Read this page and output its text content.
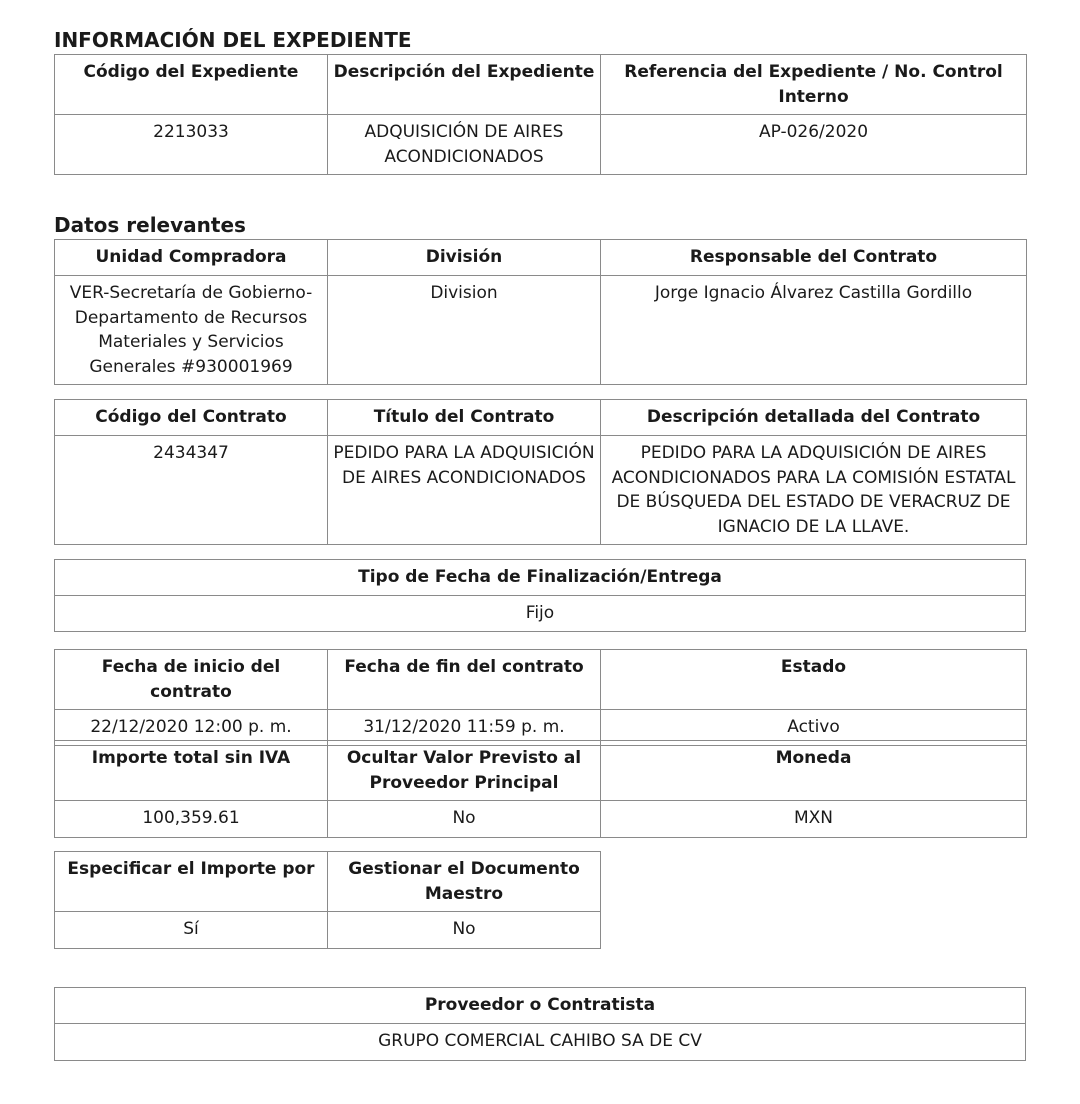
INFORMACIÓN DEL EXPEDIENTE
Código del Expediente	Descripción del Expediente	Referencia del Expediente / No. Control Interno
2213033	ADQUISICIÓN DE AIRES ACONDICIONADOS	AP-026/2020
Datos relevantes
Unidad Compradora	División	Responsable del Contrato
VER-Secretaría de Gobierno-Departamento de Recursos Materiales y Servicios Generales #930001969	Division	Jorge Ignacio Álvarez Castilla Gordillo
Código del Contrato	Título del Contrato	Descripción detallada del Contrato
2434347	PEDIDO PARA LA ADQUISICIÓN DE AIRES ACONDICIONADOS	PEDIDO PARA LA ADQUISICIÓN DE AIRES ACONDICIONADOS PARA LA COMISIÓN ESTATAL DE BÚSQUEDA DEL ESTADO DE VERACRUZ DE IGNACIO DE LA LLAVE.
Tipo de Fecha de Finalización/Entrega
Fijo
Fecha de inicio del contrato	Fecha de fin del contrato	Estado
22/12/2020 12:00 p. m.	31/12/2020 11:59 p. m.	Activo
Importe total sin IVA	Ocultar Valor Previsto al Proveedor Principal	Moneda
100,359.61	No	MXN
Especificar el Importe por	Gestionar el Documento Maestro
Sí	No
Proveedor o Contratista
GRUPO COMERCIAL CAHIBO SA DE CV
